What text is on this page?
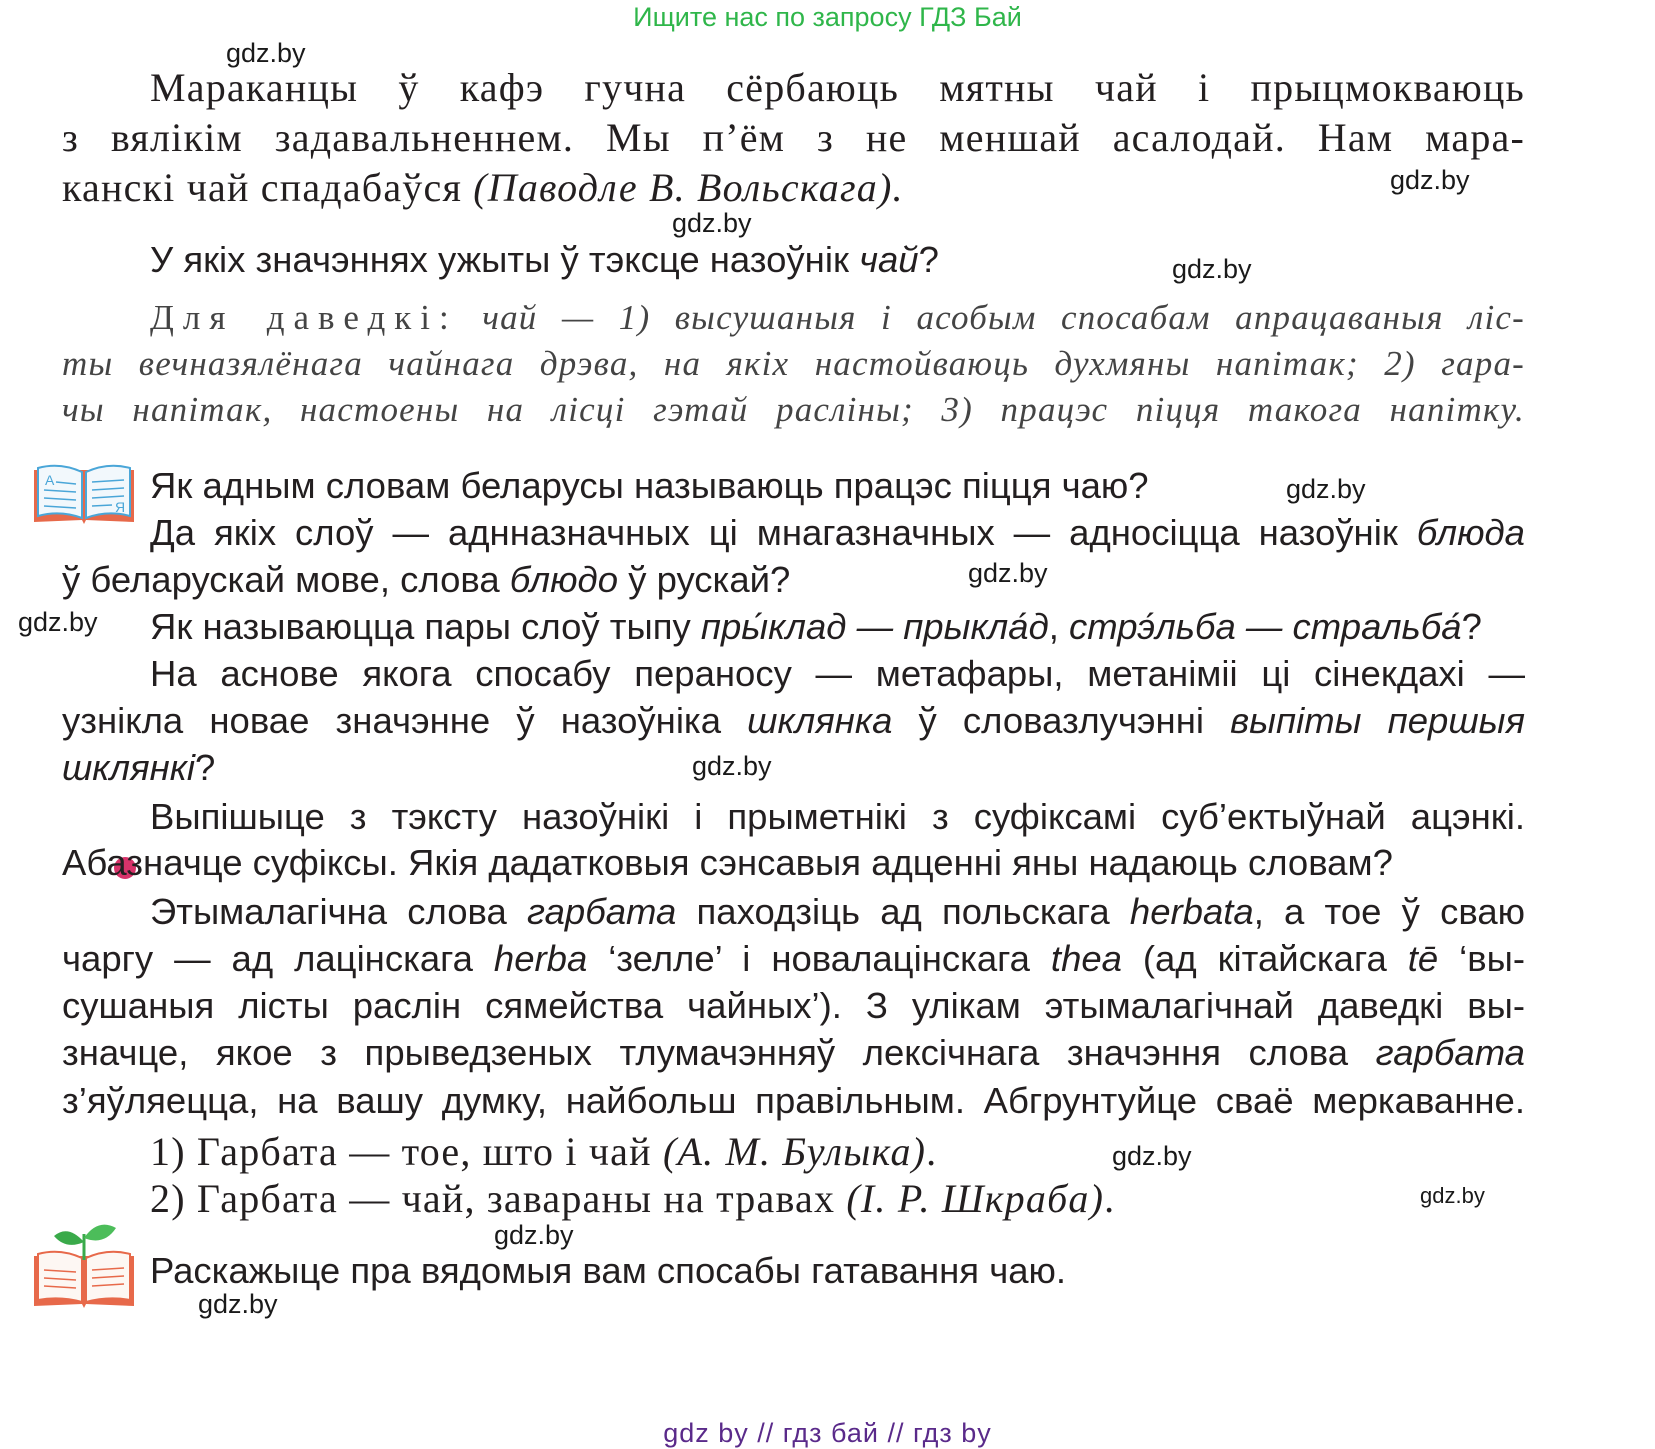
Ищите нас по запросу ГДЗ Бай
Мараканцы ў кафэ гучна сёрбаюць мятны чай і прыцмокваюць
з вялікім задавальненнем. Мы п’ём з не меншай асалодай. Нам мара-
канскі чай спадабаўся (Паводле В. Вольскага).
У якіх значэннях ужыты ў тэксце назоўнік чай?
Для даведкі: чай — 1) высушаныя і асобым спосабам апрацаваныя ліс-
ты вечназялёнага чайнага дрэва, на якіх настойваюць духмяны напітак; 2) гара-
чы напітак, настоены на лісці гэтай расліны; 3) працэс піцця такога напітку.
А
Я
Як адным словам беларусы называюць працэс піцця чаю?
Да якіх слоў — аднназначных ці мнагазначных — адносіцца назоўнік блюда
ў беларускай мове, слова блюдо ў рускай?
Як называюцца пары слоў тыпу пры́клад — прыкла́д, стрэ́льба — стральба́?
На аснове якога спосабу пераносу — метафары, метаніміі ці сінекдахі —
узнікла новае значэнне ў назоўніка шклянка ў словазлучэнні выпіты першыя
шклянкі?
Выпішыце з тэксту назоўнікі і прыметнікі з суфіксамі суб’ектыўнай ацэнкі.
Абазначце суфіксы. Якія дадатковыя сэнсавыя адценні яны надаюць словам?
Этымалагічна слова гарбата паходзіць ад польскага herbata, а тое ў сваю
чаргу — ад лацінскага herba ‘зелле’ і новалацінскага thea (ад кітайскага tē ‘вы-
сушаныя лісты раслін сямейства чайных’). З улікам этымалагічнай даведкі вы-
значце, якое з прыведзеных тлумачэнняў лексічнага значэння слова гарбата
з’яўляецца, на вашу думку, найбольш правільным. Абгрунтуйце сваё меркаванне.
1) Гарбата — тое, што і чай (А. М. Булыка).
2) Гарбата — чай, завараны на травах (І. Р. Шкраба).
Раскажыце пра вядомыя вам спосабы гатавання чаю.
gdz.by
gdz.by
gdz.by
gdz.by
gdz.by
gdz.by
gdz.by
gdz.by
gdz.by
gdz.by
gdz.by
gdz.by
gdz by // гдз бай // гдз by
